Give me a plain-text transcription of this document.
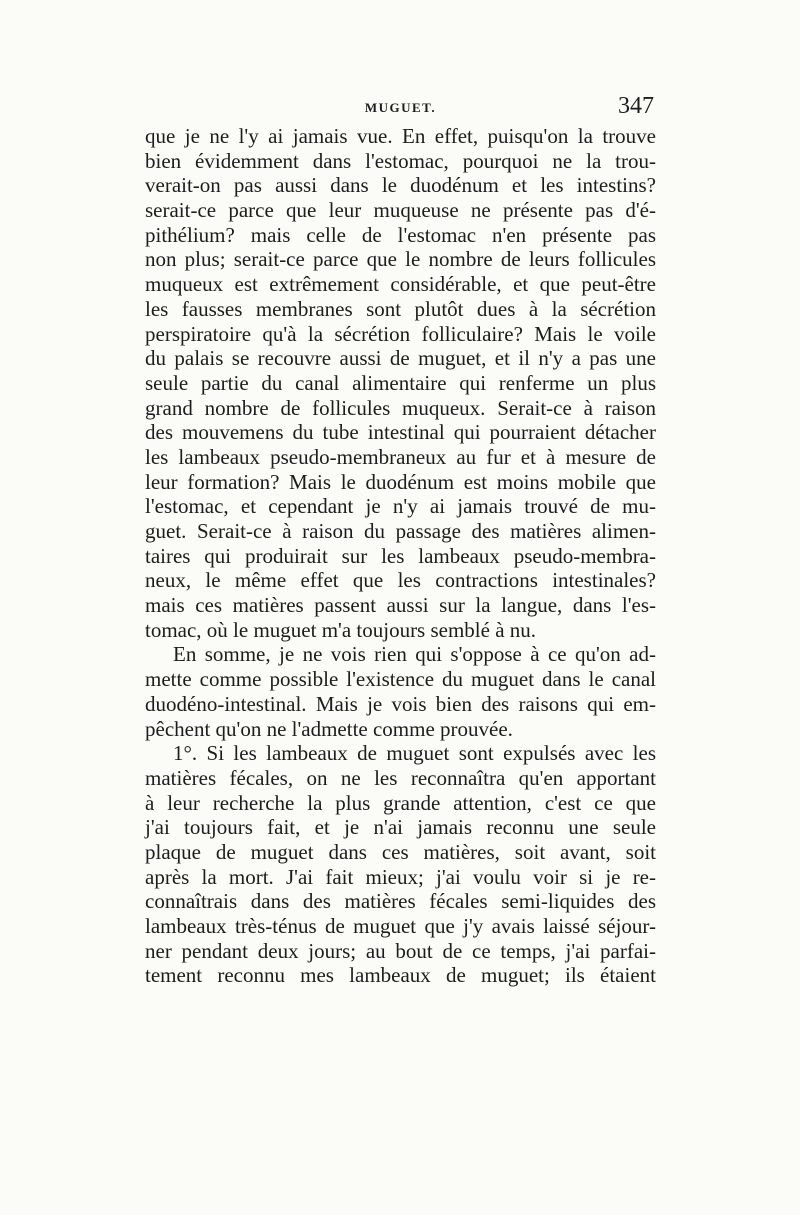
MUGUET.	347
que je ne l'y ai jamais vue. En effet, puisqu'on la trouve
bien évidemment dans l'estomac, pourquoi ne la trou-
verait-on pas aussi dans le duodénum et les intestins?
serait-ce parce que leur muqueuse ne présente pas d'é-
pithélium? mais celle de l'estomac n'en présente pas
non plus; serait-ce parce que le nombre de leurs follicules
muqueux est extrêmement considérable, et que peut-être
les fausses membranes sont plutôt dues à la sécrétion
perspiratoire qu'à la sécrétion folliculaire? Mais le voile
du palais se recouvre aussi de muguet, et il n'y a pas une
seule partie du canal alimentaire qui renferme un plus
grand nombre de follicules muqueux. Serait-ce à raison
des mouvemens du tube intestinal qui pourraient détacher
les lambeaux pseudo-membraneux au fur et à mesure de
leur formation? Mais le duodénum est moins mobile que
l'estomac, et cependant je n'y ai jamais trouvé de mu-
guet. Serait-ce à raison du passage des matières alimen-
taires qui produirait sur les lambeaux pseudo-membra-
neux, le même effet que les contractions intestinales?
mais ces matières passent aussi sur la langue, dans l'es-
tomac, où le muguet m'a toujours semblé à nu.
En somme, je ne vois rien qui s'oppose à ce qu'on ad-
mette comme possible l'existence du muguet dans le canal
duodéno-intestinal. Mais je vois bien des raisons qui em-
pêchent qu'on ne l'admette comme prouvée.
1°. Si les lambeaux de muguet sont expulsés avec les
matières fécales, on ne les reconnaîtra qu'en apportant
à leur recherche la plus grande attention, c'est ce que
j'ai toujours fait, et je n'ai jamais reconnu une seule
plaque de muguet dans ces matières, soit avant, soit
après la mort. J'ai fait mieux; j'ai voulu voir si je re-
connaîtrais dans des matières fécales semi-liquides des
lambeaux très-ténus de muguet que j'y avais laissé séjour-
ner pendant deux jours; au bout de ce temps, j'ai parfai-
tement reconnu mes lambeaux de muguet; ils étaient
